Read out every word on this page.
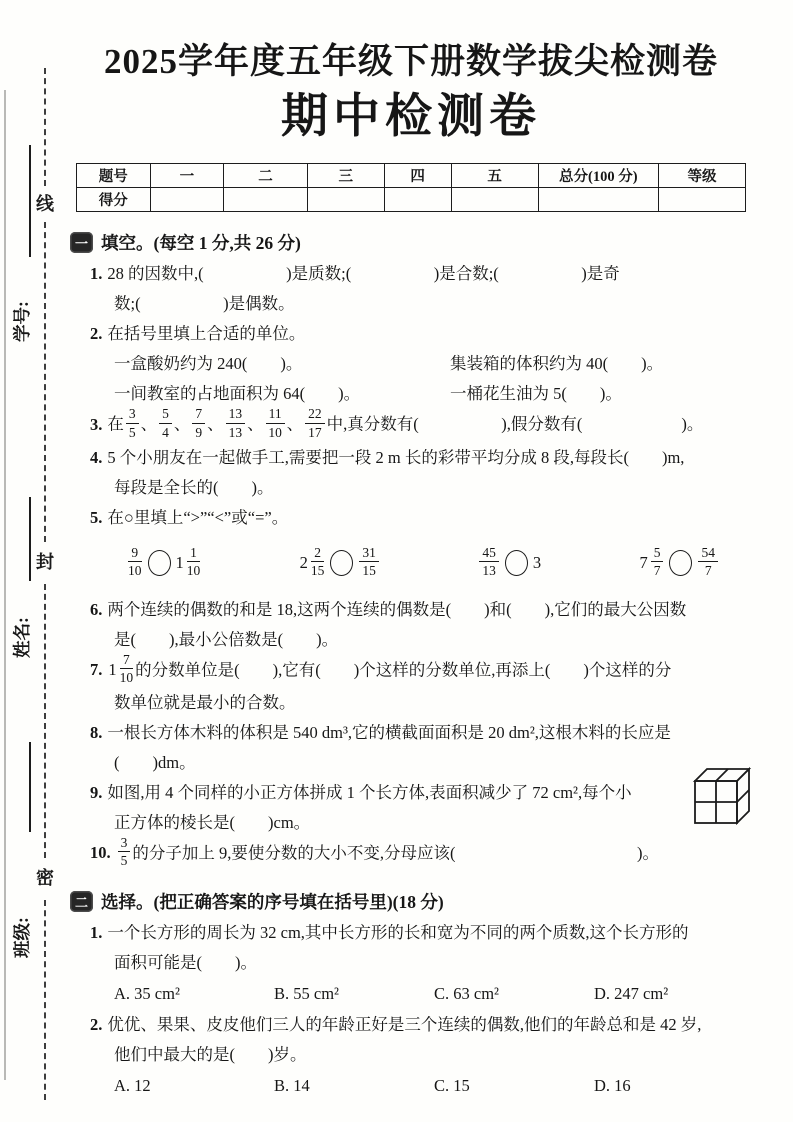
线
封
密
学号:
姓名:
班级:
2025学年度五年级下册数学拔尖检测卷
期中检测卷
题号	一	二	三	四	五	总分(100 分)	等级
得分							
一 填空。(每空 1 分,共 26 分)
1. 28 的因数中,(　　　　　)是质数;(　　　　　)是合数;(　　　　　)是奇
数;(　　　　　)是偶数。
2. 在括号里填上合适的单位。
一盒酸奶约为 240(　　)。	集装箱的体积约为 40(　　)。
一间教室的占地面积为 64(　　)。	一桶花生油为 5(　　)。
3. 在 $\frac{3}{5}$ 、 $\frac{5}{4}$ 、 $\frac{7}{9}$ 、 $\frac{13}{13}$ 、 $\frac{11}{10}$ 、 $\frac{22}{17}$ 中,真分数有(　　　　　),假分数有(　　　　　　)。
4. 5 个小朋友在一起做手工,需要把一段 2 m 长的彩带平均分成 8 段,每段长(　　)m,
每段是全长的(　　)。
5. 在○里填上“>”“<”或“=”。
$\frac{9}{10} 1 \frac{1}{10}$	$2 \frac{2}{15}$	$\frac{31}{15}$	$\frac{45}{13} 3$	$7 \frac{5}{7}$	$\frac{54}{7}$
6. 两个连续的偶数的和是 18,这两个连续的偶数是(　　)和(　　),它们的最大公因数
是(　　),最小公倍数是(　　)。
7. $1 \frac{7}{10}$ 的分数单位是(　　),它有(　　)个这样的分数单位,再添上(　　)个这样的分
数单位就是最小的合数。
8. 一根长方体木料的体积是 540 dm³,它的横截面面积是 20 dm²,这根木料的长应是
(　　)dm。
9. 如图,用 4 个同样的小正方体拼成 1 个长方体,表面积减少了 72 cm²,每个小
正方体的棱长是(　　)cm。
10. $\frac{3}{5}$ 的分子加上 9,要使分数的大小不变,分母应该(　　　　　　　　　　　)。
二 选择。(把正确答案的序号填在括号里)(18 分)
1. 一个长方形的周长为 32 cm,其中长方形的长和宽为不同的两个质数,这个长方形的
面积可能是(　　)。
A. 35 cm²	B. 55 cm²	C. 63 cm²	D. 247 cm²
2. 优优、果果、皮皮他们三人的年龄正好是三个连续的偶数,他们的年龄总和是 42 岁,
他们中最大的是(　　)岁。
A. 12	B. 14	C. 15	D. 16
